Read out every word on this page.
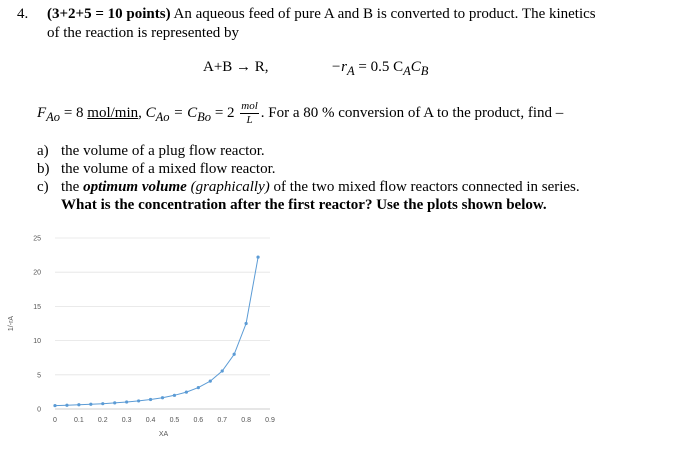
4. (3+2+5 = 10 points) An aqueous feed of pure A and B is converted to product. The kinetics
of the reaction is represented by
A+B → R,	$-r_A = 0.5$ $C_AC_B$
$F_{Ao} = 8$ mol/min, $C_{Ao} = C_{Bo} = 2 \frac{\text{mol}}{L}$ . For a 80 % conversion of A to the product, find –
a) the volume of a plug flow reactor.
b) the volume of a mixed flow reactor.
c) the optimum volume (graphically) of the two mixed flow reactors connected in series.
What is the concentration after the first reactor? Use the plots shown below.
0
5
10
15
20
25
0 0.1 0.2 0.3 0.4 0.5 0.6 0.7 0.8 0.9
XA
1/-rA
